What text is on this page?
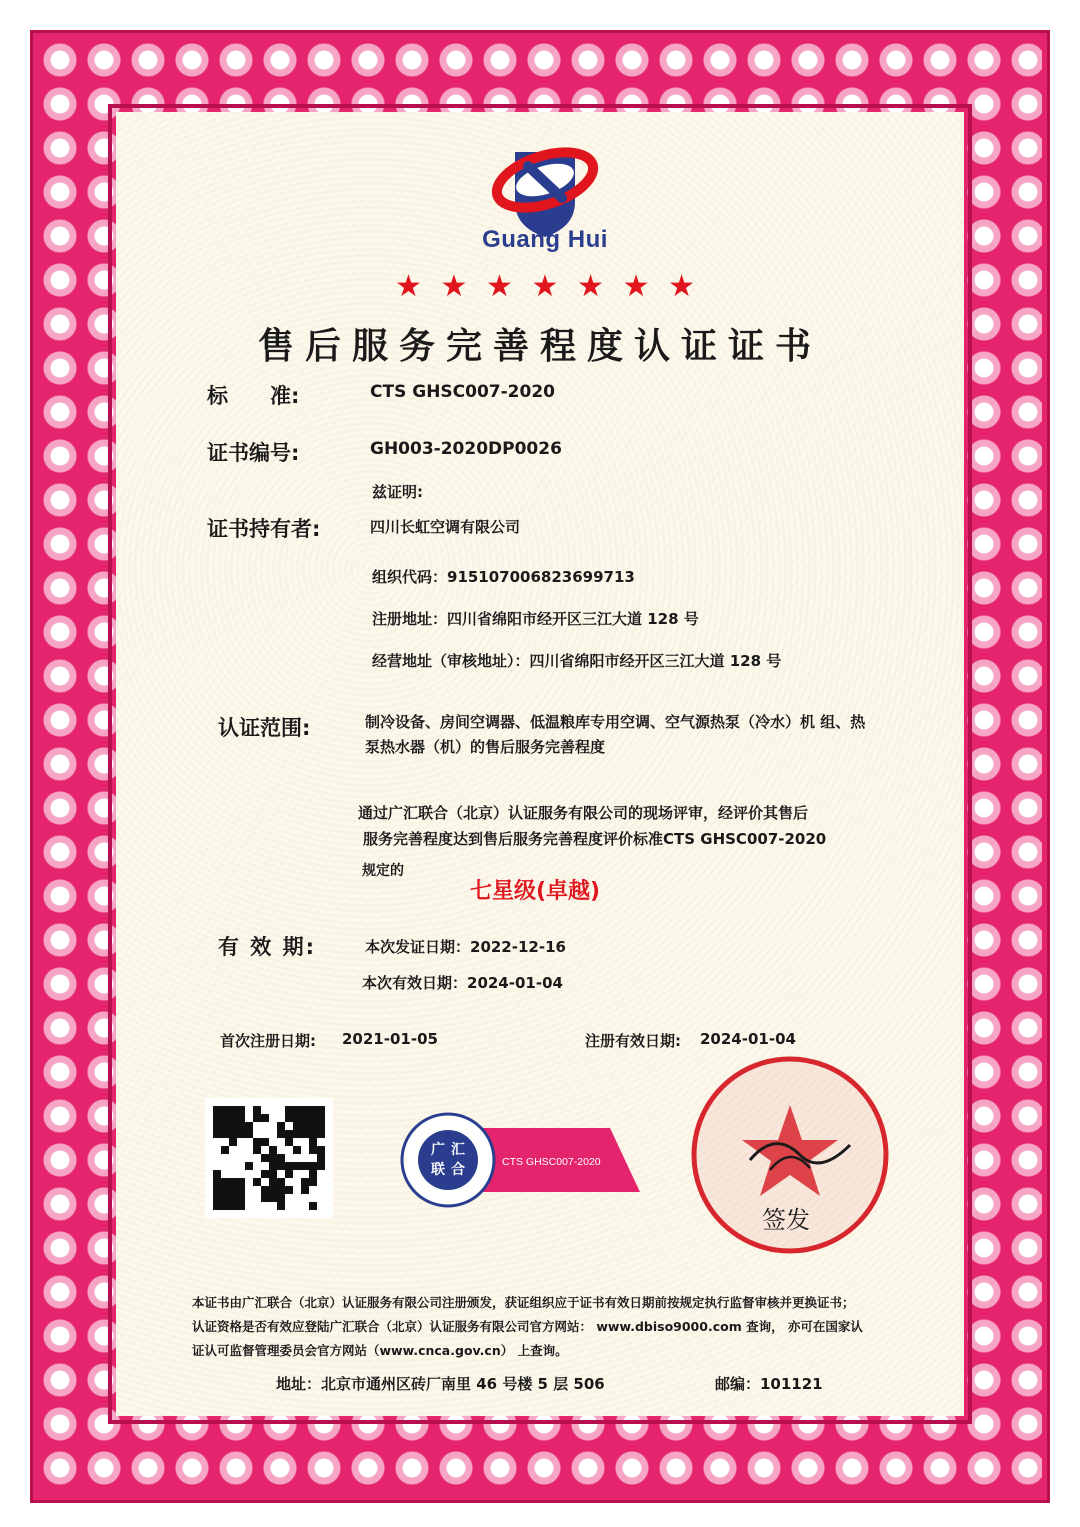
Guang Hui
★ ★ ★ ★ ★ ★ ★
售后服务完善程度认证证书
标　　准:	CTS GHSC007-2020
证书编号:	GH003-2020DP0026
兹证明:
证书持有者:	四川长虹空调有限公司
组织代码：915107006823699713
注册地址：四川省绵阳市经开区三江大道 128 号
经营地址（审核地址）：四川省绵阳市经开区三江大道 128 号
认证范围:	制冷设备、房间空调器、低温粮库专用空调、空气源热泵（冷水）机 组、热
泵热水器（机）的售后服务完善程度
通过广汇联合（北京）认证服务有限公司的现场评审，经评价其售后
服务完善程度达到售后服务完善程度评价标准CTS GHSC007-2020
规定的
七星级(卓越)
有 效 期:	本次发证日期：2022-12-16
本次有效日期：2024-01-04
首次注册日期: 2021-01-05	注册有效日期: 2024-01-04
广 汇
联 合	CTS GHSC007-2020
签发
本证书由广汇联合（北京）认证服务有限公司注册颁发，获证组织应于证书有效日期前按规定执行监督审核并更换证书；
认证资格是否有效应登陆广汇联合（北京）认证服务有限公司官方网站： www.dbiso9000.com 查询， 亦可在国家认
证认可监督管理委员会官方网站（www.cnca.gov.cn） 上查询。
地址：北京市通州区砖厂南里 46 号楼 5 层 506	邮编：101121
